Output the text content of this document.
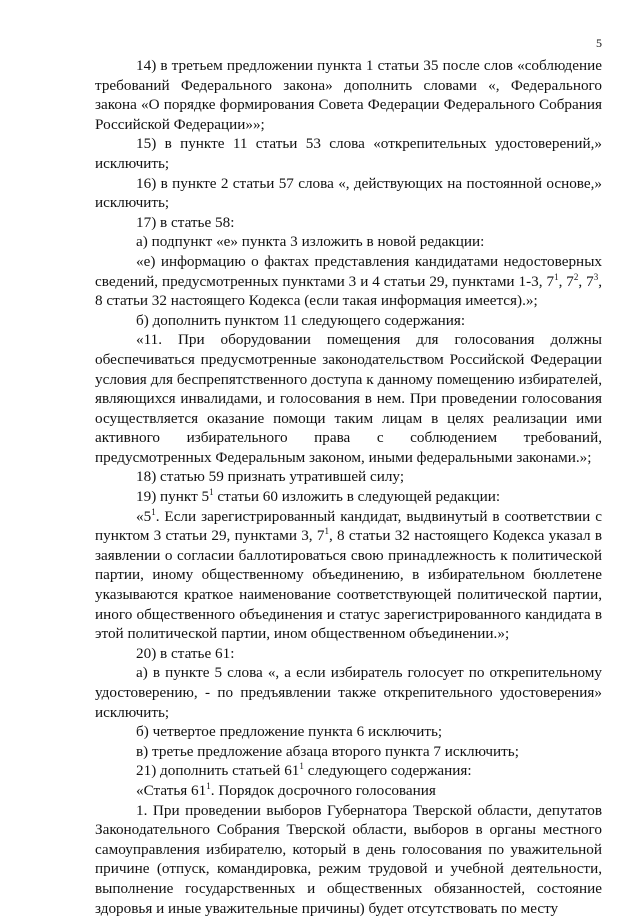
5

14) в третьем предложении пункта 1 статьи 35 после слов «соблюдение требований Федерального закона» дополнить словами «, Федерального закона «О порядке формирования Совета Федерации Федерального Собрания Российской Федерации»»;

15) в пункте 11 статьи 53 слова «открепительных удостоверений,» исключить;

16) в пункте 2 статьи 57 слова «, действующих на постоянной основе,» исключить;

17) в статье 58:

а) подпункт «е» пункта 3 изложить в новой редакции:

«е) информацию о фактах представления кандидатами недостоверных сведений, предусмотренных пунктами 3 и 4 статьи 29, пунктами 1-3, $7^1$, $7^2$, $7^3$, 8 статьи 32 настоящего Кодекса (если такая информация имеется).»;

б) дополнить пунктом 11 следующего содержания:

«11. При оборудовании помещения для голосования должны обеспечиваться предусмотренные законодательством Российской Федерации условия для беспрепятственного доступа к данному помещению избирателей, являющихся инвалидами, и голосования в нем. При проведении голосования осуществляется оказание помощи таким лицам в целях реализации ими активного избирательного права с соблюдением требований, предусмотренных Федеральным законом, иными федеральными законами.»;

18) статью 59 признать утратившей силу;

19) пункт $5^1$ статьи 60 изложить в следующей редакции:

«$5^1$. Если зарегистрированный кандидат, выдвинутый в соответствии с пунктом 3 статьи 29, пунктами 3, $7^1$, 8 статьи 32 настоящего Кодекса указал в заявлении о согласии баллотироваться свою принадлежность к политической партии, иному общественному объединению, в избирательном бюллетене указываются краткое наименование соответствующей политической партии, иного общественного объединения и статус зарегистрированного кандидата в этой политической партии, ином общественном объединении.»;

20) в статье 61:

а) в пункте 5 слова «, а если избиратель голосует по открепительному удостоверению, - по предъявлении также открепительного удостоверения» исключить;

б) четвертое предложение пункта 6 исключить;

в) третье предложение абзаца второго пункта 7 исключить;

21) дополнить статьей $61^1$ следующего содержания:

«Статья $61^1$. Порядок досрочного голосования

1. При проведении выборов Губернатора Тверской области, депутатов Законодательного Собрания Тверской области, выборов в органы местного самоуправления избирателю, который в день голосования по уважительной причине (отпуск, командировка, режим трудовой и учебной деятельности, выполнение государственных и общественных обязанностей, состояние здоровья и иные уважительные причины) будет отсутствовать по месту
